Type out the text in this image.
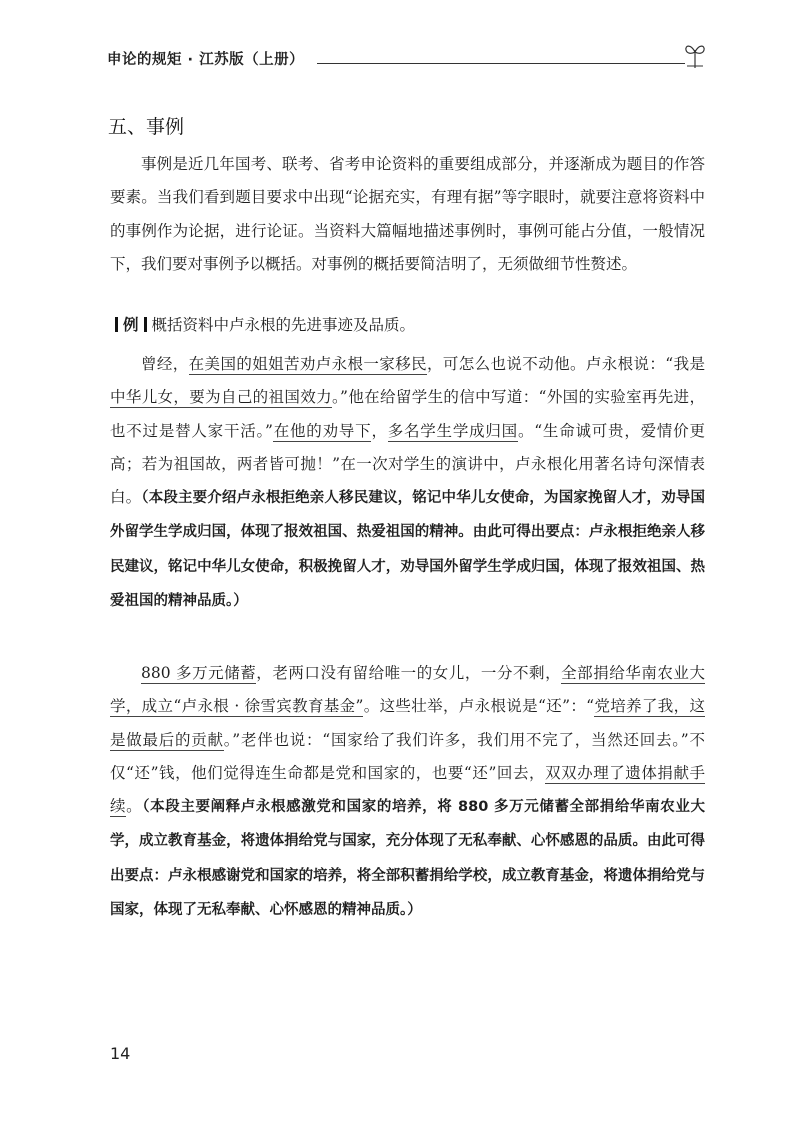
申论的规矩 · 江苏版（上册）
五、事例

事例是近几年国考、联考、省考申论资料的重要组成部分，并逐渐成为题目的作答要素。当我们看到题目要求中出现“论据充实，有理有据”等字眼时，就要注意将资料中的事例作为论据，进行论证。当资料大篇幅地描述事例时，事例可能占分值，一般情况下，我们要对事例予以概括。对事例的概括要简洁明了，无须做细节性赘述。

例 概括资料中卢永根的先进事迹及品质。

曾经，在美国的姐姐苦劝卢永根一家移民，可怎么也说不动他。卢永根说：“我是中华儿女，要为自己的祖国效力。”他在给留学生的信中写道：“外国的实验室再先进，也不过是替人家干活。”在他的劝导下，多名学生学成归国。“生命诚可贵，爱情价更高；若为祖国故，两者皆可抛！”在一次对学生的演讲中，卢永根化用著名诗句深情表白。（本段主要介绍卢永根拒绝亲人移民建议，铭记中华儿女使命，为国家挽留人才，劝导国外留学生学成归国，体现了报效祖国、热爱祖国的精神。由此可得出要点：卢永根拒绝亲人移民建议，铭记中华儿女使命，积极挽留人才，劝导国外留学生学成归国，体现了报效祖国、热爱祖国的精神品质。）

880 多万元储蓄，老两口没有留给唯一的女儿，一分不剩，全部捐给华南农业大学，成立“卢永根 · 徐雪宾教育基金”。这些壮举，卢永根说是“还”：“党培养了我，这是做最后的贡献。”老伴也说：“国家给了我们许多，我们用不完了，当然还回去。”不仅“还”钱，他们觉得连生命都是党和国家的，也要“还”回去，双双办理了遗体捐献手续。（本段主要阐释卢永根感激党和国家的培养，将 880 多万元储蓄全部捐给华南农业大学，成立教育基金，将遗体捐给党与国家，充分体现了无私奉献、心怀感恩的品质。由此可得出要点：卢永根感谢党和国家的培养，将全部积蓄捐给学校，成立教育基金，将遗体捐给党与国家，体现了无私奉献、心怀感恩的精神品质。）

14
